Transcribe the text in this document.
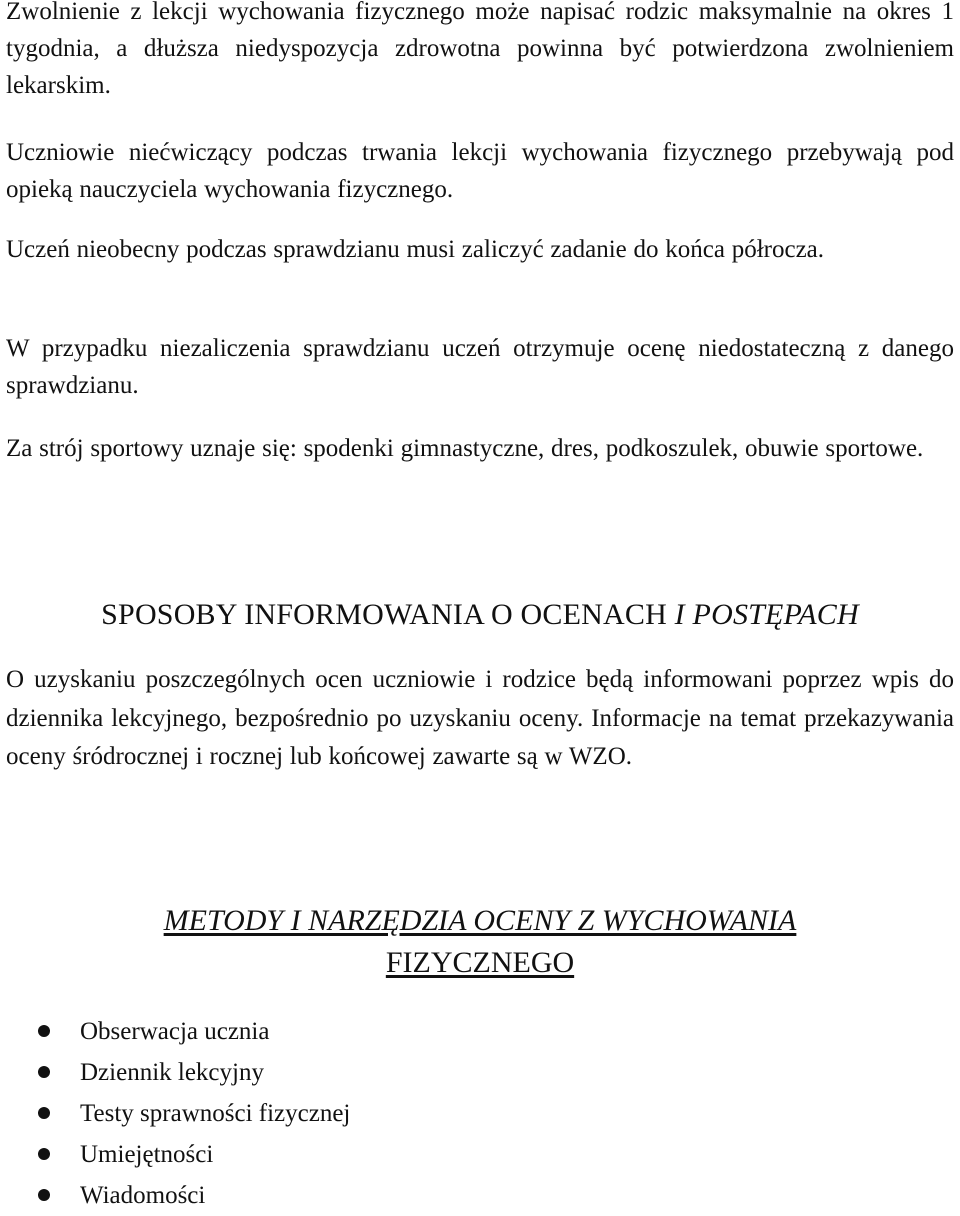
Zwolnienie z lekcji wychowania fizycznego może napisać rodzic maksymalnie na okres 1 tygodnia, a dłuższa niedyspozycja zdrowotna powinna być potwierdzona zwolnieniem lekarskim.

Uczniowie niećwiczący podczas trwania lekcji wychowania fizycznego przebywają pod opieką nauczyciela wychowania fizycznego.

Uczeń nieobecny podczas sprawdzianu musi zaliczyć zadanie do końca półrocza.

W przypadku niezaliczenia sprawdzianu uczeń otrzymuje ocenę niedostateczną z danego sprawdzianu.

Za strój sportowy uznaje się: spodenki gimnastyczne, dres, podkoszulek, obuwie sportowe.

SPOSOBY INFORMOWANIA O OCENACH I POSTĘPACH

O uzyskaniu poszczególnych ocen uczniowie i rodzice będą informowani poprzez wpis do dziennika lekcyjnego, bezpośrednio po uzyskaniu oceny. Informacje na temat przekazywania oceny śródrocznej i rocznej lub końcowej zawarte są w WZO.

METODY I NARZĘDZIA OCENY Z WYCHOWANIA
FIZYCZNEGO
Obserwacja ucznia
Dziennik lekcyjny
Testy sprawności fizycznej
Umiejętności
Wiadomości
